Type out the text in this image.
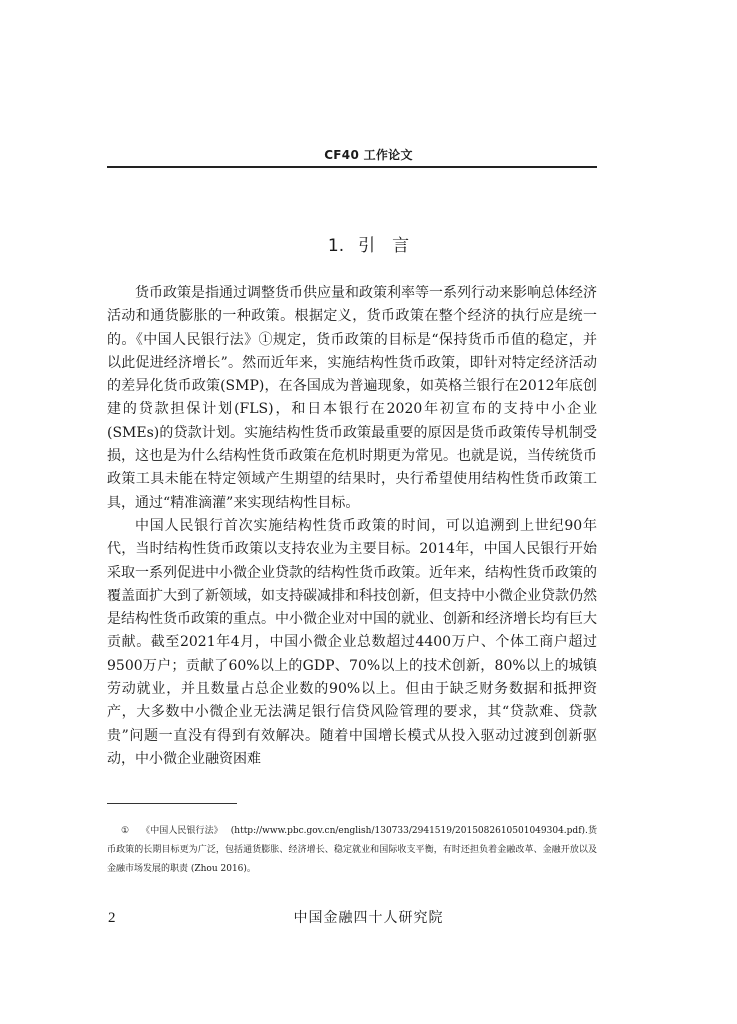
CF40 工作论文
1. 引　言

货币政策是指通过调整货币供应量和政策利率等一系列行动来影响总体经济活动和通货膨胀的一种政策。根据定义，货币政策在整个经济的执行应是统一的。《中国人民银行法》①规定，货币政策的目标是“保持货币币值的稳定，并以此促进经济增长”。然而近年来，实施结构性货币政策，即针对特定经济活动的差异化货币政策(SMP)，在各国成为普遍现象，如英格兰银行在2012年底创建的贷款担保计划(FLS)，和日本银行在2020年初宣布的支持中小企业(SMEs)的贷款计划。实施结构性货币政策最重要的原因是货币政策传导机制受损，这也是为什么结构性货币政策在危机时期更为常见。也就是说，当传统货币政策工具未能在特定领域产生期望的结果时，央行希望使用结构性货币政策工具，通过“精准滴灌”来实现结构性目标。

中国人民银行首次实施结构性货币政策的时间，可以追溯到上世纪90年代，当时结构性货币政策以支持农业为主要目标。2014年，中国人民银行开始采取一系列促进中小微企业贷款的结构性货币政策。近年来，结构性货币政策的覆盖面扩大到了新领域，如支持碳减排和科技创新，但支持中小微企业贷款仍然是结构性货币政策的重点。中小微企业对中国的就业、创新和经济增长均有巨大贡献。截至2021年4月，中国小微企业总数超过4400万户、个体工商户超过9500万户；贡献了60%以上的GDP、70%以上的技术创新，80%以上的城镇劳动就业，并且数量占总企业数的90%以上。但由于缺乏财务数据和抵押资产，大多数中小微企业无法满足银行信贷风险管理的要求，其“贷款难、贷款贵”问题一直没有得到有效解决。随着中国增长模式从投入驱动过渡到创新驱动，中小微企业融资困难

① 《中国人民银行法》 (http://www.pbc.gov.cn/english/130733/2941519/2015082610501049304.pdf).货币政策的长期目标更为广泛，包括通货膨胀、经济增长、稳定就业和国际收支平衡，有时还担负着金融改革、金融开放以及金融市场发展的职责 (Zhou 2016)。

2	中国金融四十人研究院
